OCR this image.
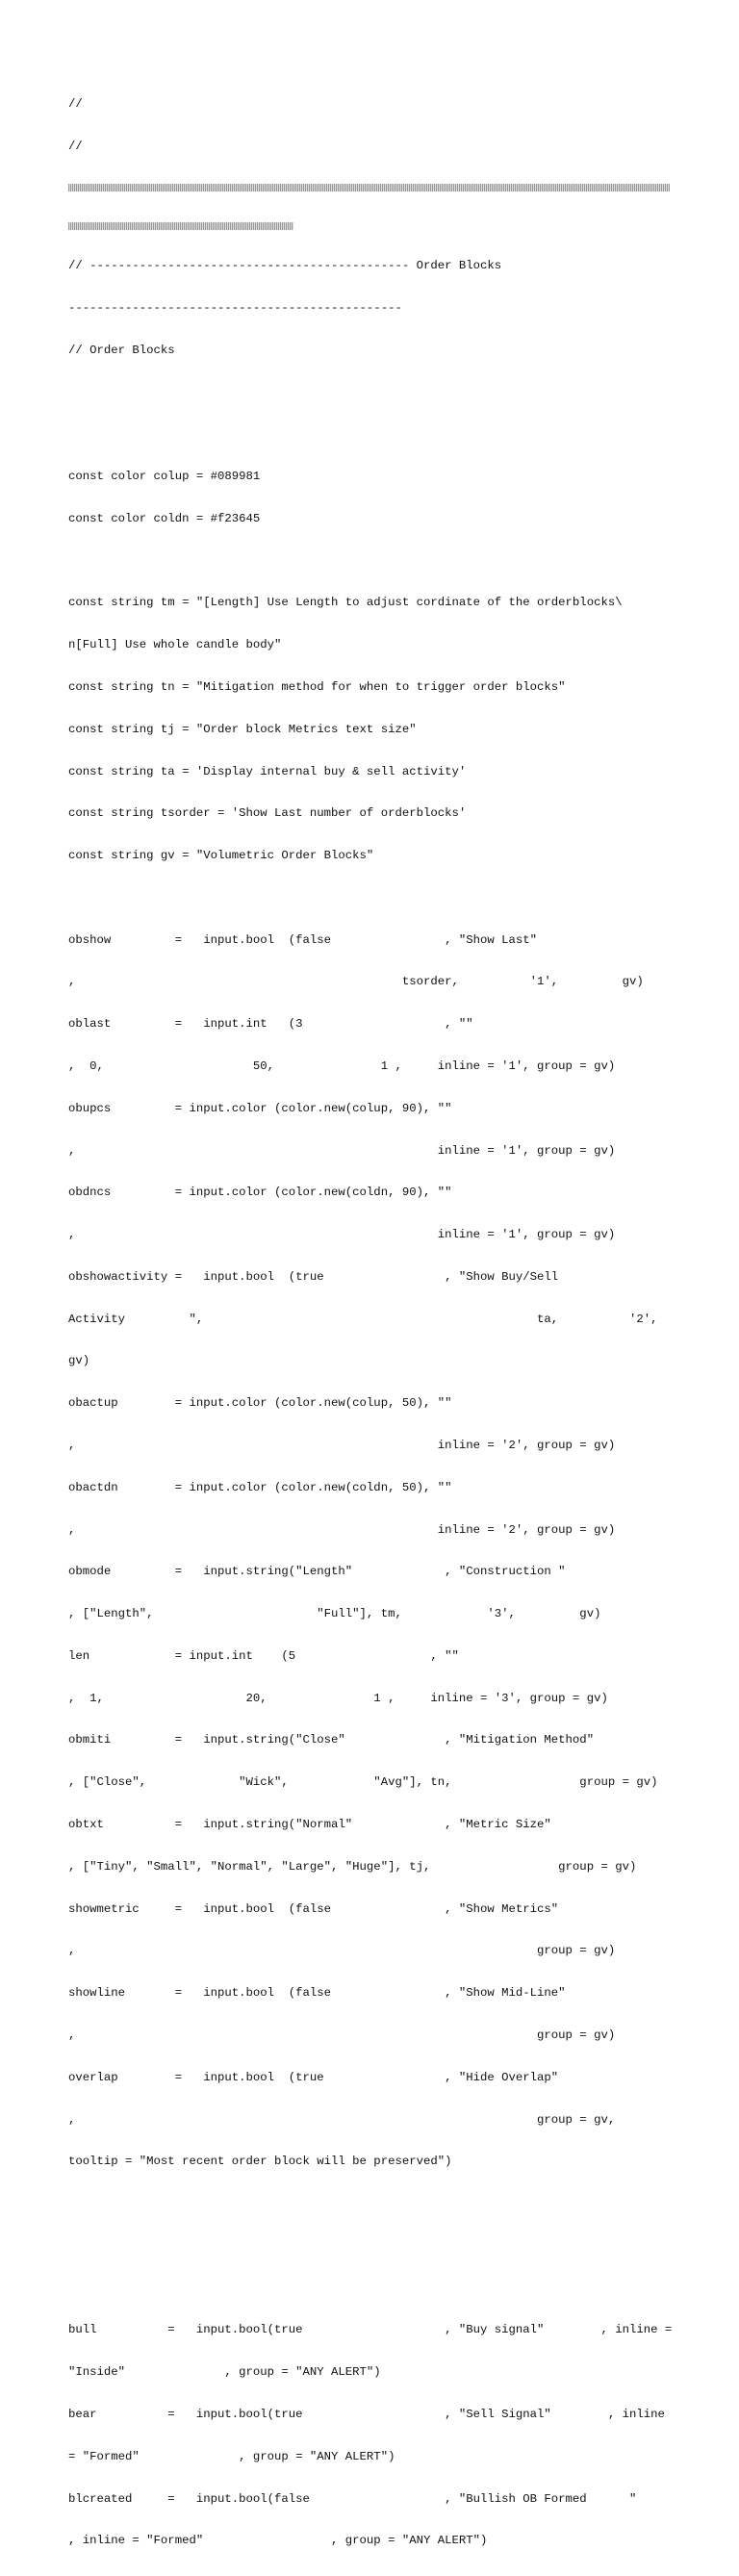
//

//

// --------------------------------------------- Order Blocks

-----------------------------------------------

// Order Blocks

const color colup = #089981

const color coldn = #f23645

const string tm = "[Length] Use Length to adjust cordinate of the orderblocks\

n[Full] Use whole candle body"

const string tn = "Mitigation method for when to trigger order blocks"

const string tj = "Order block Metrics text size"

const string ta = 'Display internal buy & sell activity'

const string tsorder = 'Show Last number of orderblocks'

const string gv = "Volumetric Order Blocks"

obshow         =   input.bool  (false                , "Show Last"

,                                              tsorder,          '1',         gv)

oblast         =   input.int   (3                    , ""

,  0,                     50,               1 ,     inline = '1', group = gv)

obupcs         = input.color (color.new(colup, 90), ""

,                                                   inline = '1', group = gv)

obdncs         = input.color (color.new(coldn, 90), ""

,                                                   inline = '1', group = gv)

obshowactivity =   input.bool  (true                 , "Show Buy/Sell

Activity         ",                                               ta,          '2',

gv)

obactup        = input.color (color.new(colup, 50), ""

,                                                   inline = '2', group = gv)

obactdn        = input.color (color.new(coldn, 50), ""

,                                                   inline = '2', group = gv)

obmode         =   input.string("Length"             , "Construction "

, ["Length",                       "Full"], tm,            '3',         gv)

len            = input.int    (5                   , ""

,  1,                    20,               1 ,     inline = '3', group = gv)

obmiti         =   input.string("Close"              , "Mitigation Method"

, ["Close",             "Wick",            "Avg"], tn,                  group = gv)

obtxt          =   input.string("Normal"             , "Metric Size"

, ["Tiny", "Small", "Normal", "Large", "Huge"], tj,                  group = gv)

showmetric     =   input.bool  (false                , "Show Metrics"

,                                                                 group = gv)

showline       =   input.bool  (false                , "Show Mid-Line"

,                                                                 group = gv)

overlap        =   input.bool  (true                 , "Hide Overlap"

,                                                                 group = gv,

tooltip = "Most recent order block will be preserved")

bull          =   input.bool(true                    , "Buy signal"        , inline =

"Inside"              , group = "ANY ALERT")

bear          =   input.bool(true                    , "Sell Signal"        , inline

= "Formed"              , group = "ANY ALERT")

blcreated     =   input.bool(false                   , "Bullish OB Formed      "

, inline = "Formed"                  , group = "ANY ALERT")
